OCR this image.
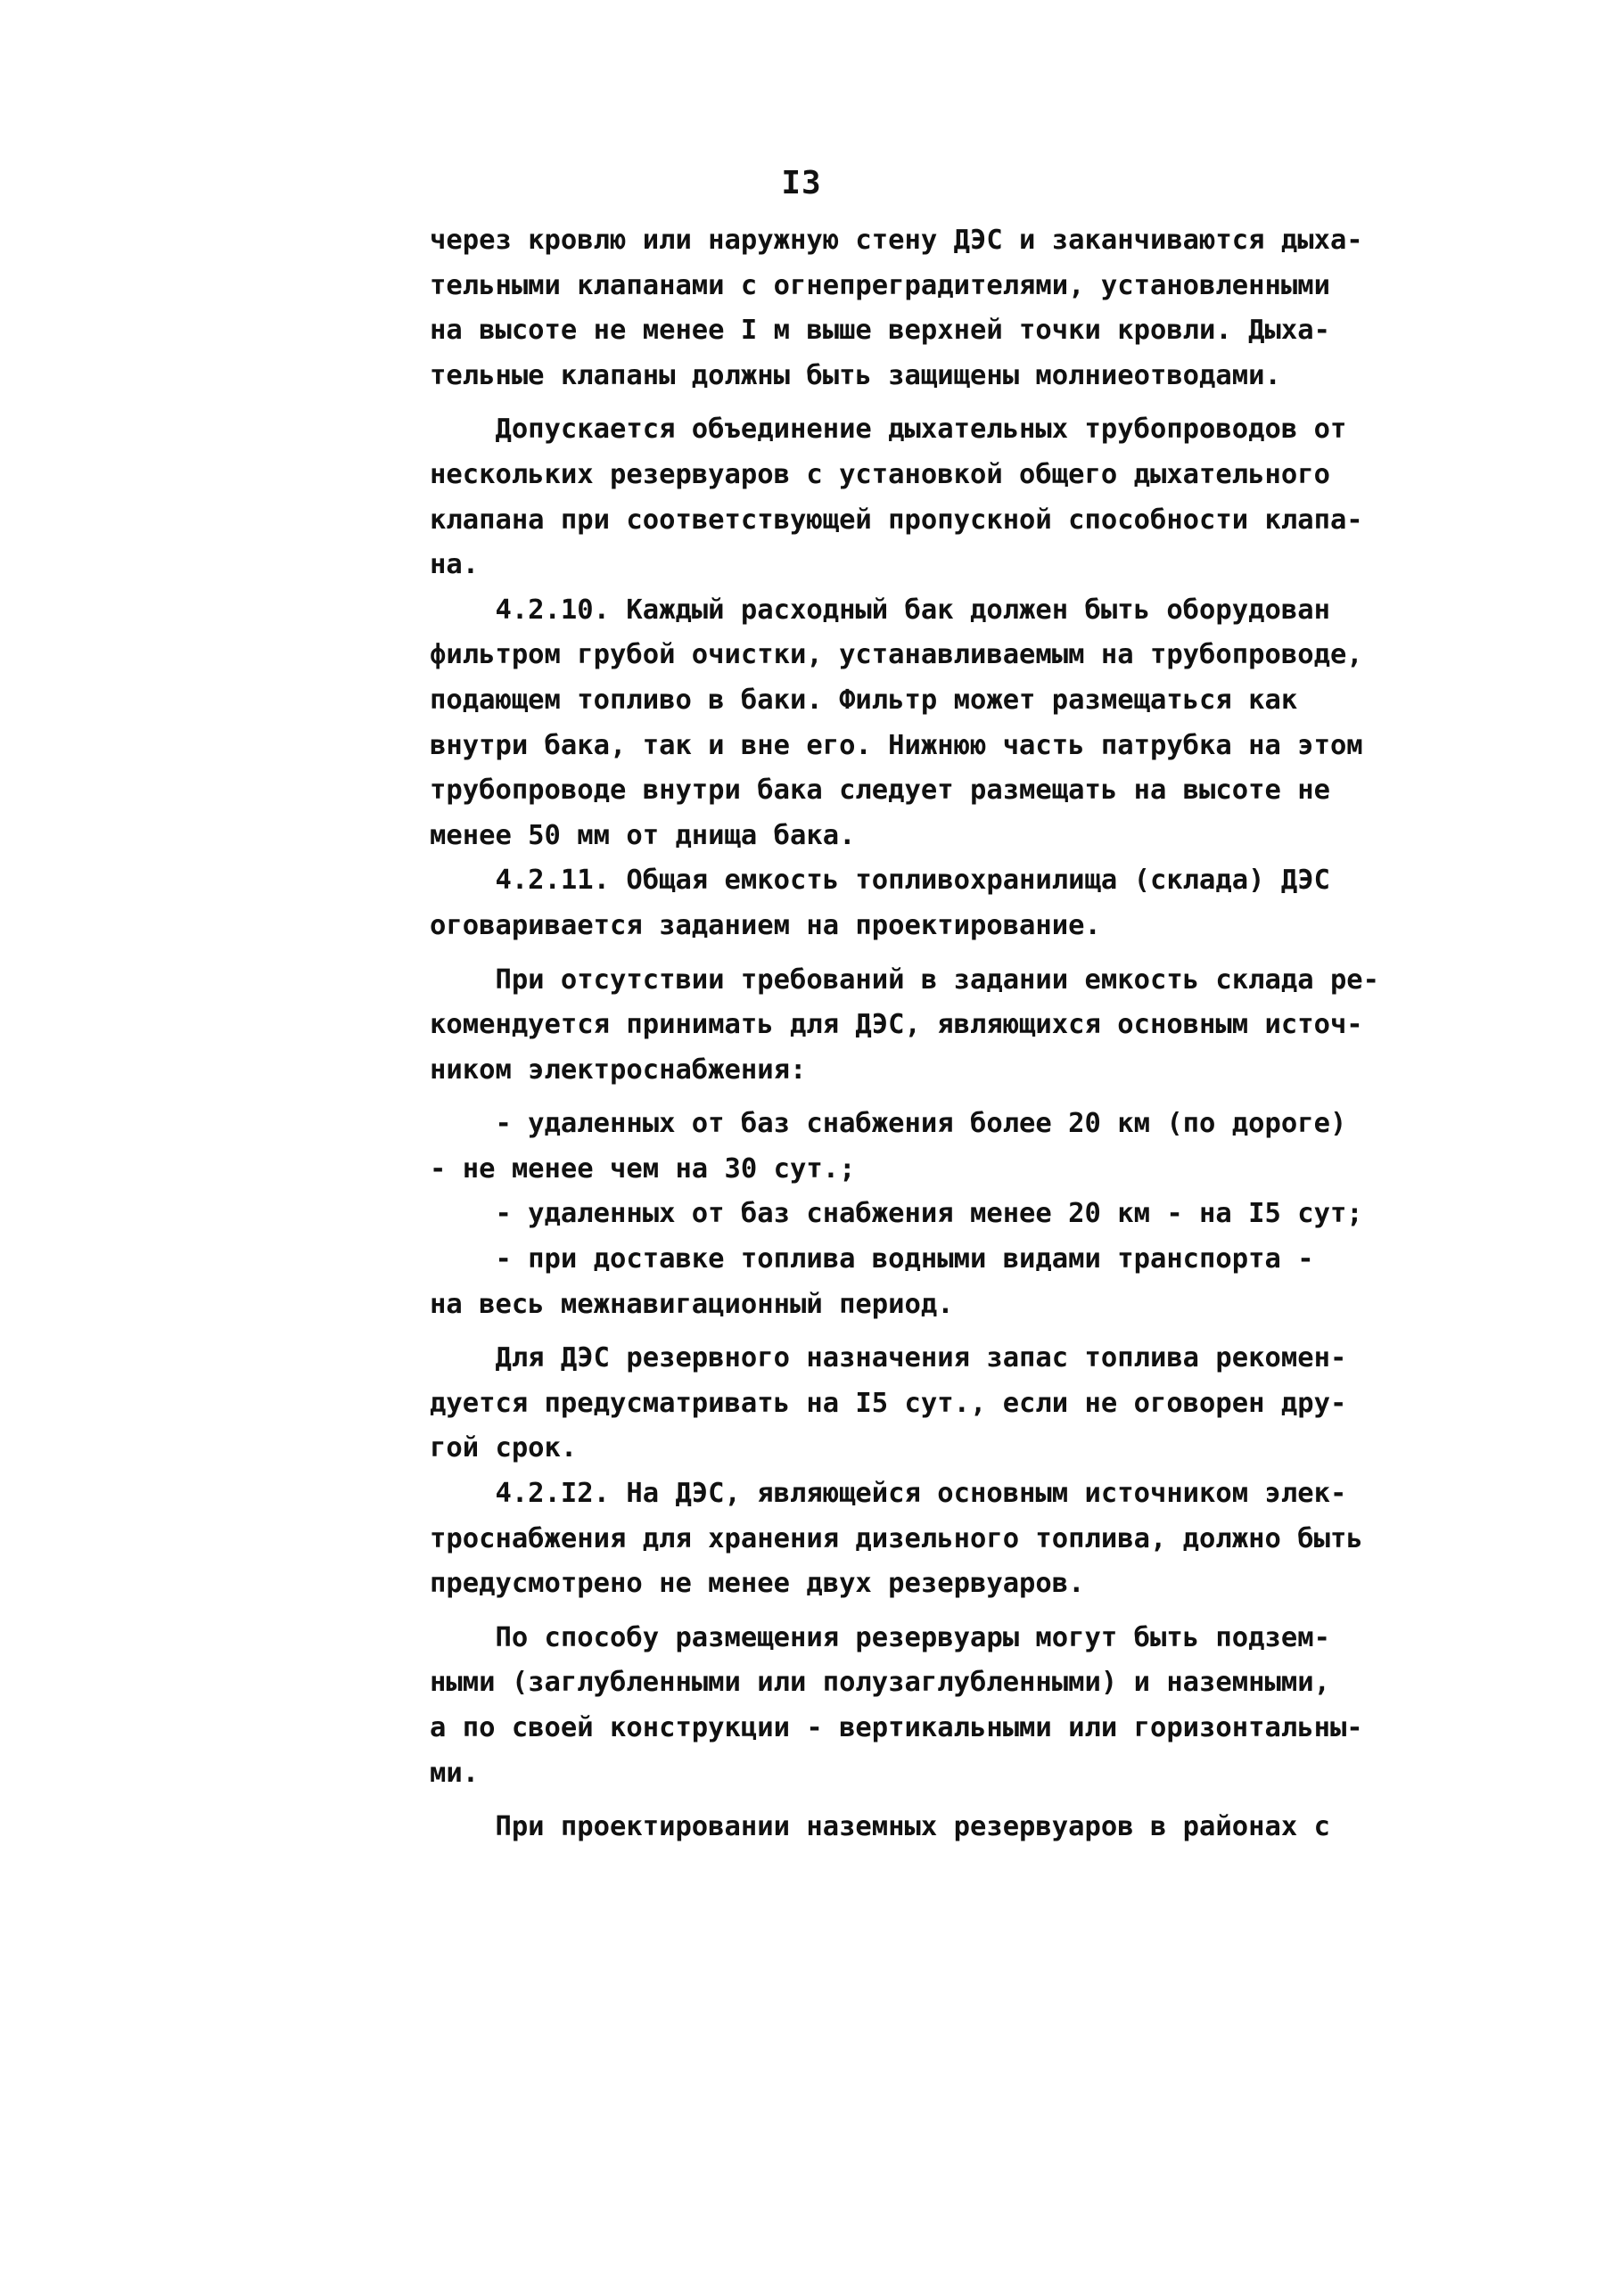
I3
через кровлю или наружную стену ДЭС и заканчиваются дыха-
тельными клапанами с огнепреградителями, установленными
на высоте не менее I м выше верхней точки кровли. Дыха-
тельные клапаны должны быть защищены молниеотводами.
Допускается объединение дыхательных трубопроводов от
нескольких резервуаров с установкой общего дыхательного
клапана при соответствующей пропускной способности клапа-
на.
4.2.10. Каждый расходный бак должен быть оборудован
фильтром грубой очистки, устанавливаемым на трубопроводе,
подающем топливо в баки. Фильтр может размещаться как
внутри бака, так и вне его. Нижнюю часть патрубка на этом
трубопроводе внутри бака следует размещать на высоте не
менее 50 мм от днища бака.
4.2.11. Общая емкость топливохранилища (склада) ДЭС
оговаривается заданием на проектирование.
При отсутствии требований в задании емкость склада ре-
комендуется принимать для ДЭС, являющихся основным источ-
ником электроснабжения:
- удаленных от баз снабжения более 20 км (по дороге)
- не менее чем на 30 сут.;
- удаленных от баз снабжения менее 20 км - на I5 сут;
- при доставке топлива водными видами транспорта -
на весь межнавигационный период.
Для ДЭС резервного назначения запас топлива рекомен-
дуется предусматривать на I5 сут., если не оговорен дру-
гой срок.
4.2.I2. На ДЭС, являющейся основным источником элек-
троснабжения для хранения дизельного топлива, должно быть
предусмотрено не менее двух резервуаров.
По способу размещения резервуары могут быть подзем-
ными (заглубленными или полузаглубленными) и наземными,
а по своей конструкции - вертикальными или горизонтальны-
ми.
При проектировании наземных резервуаров в районах с
